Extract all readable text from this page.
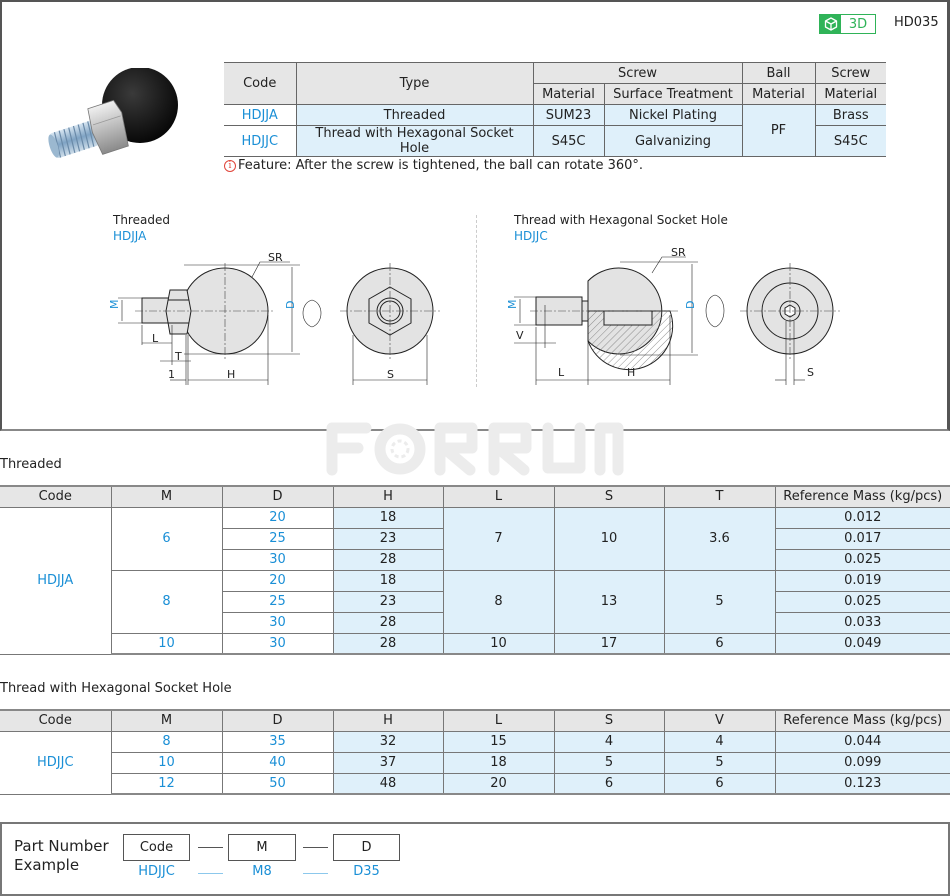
3D	HD035
Code	Type	Screw		Ball	Screw
		Material	Surface Treatment	Material	Material
HDJJA	Threaded	SUM23	Nickel Plating	PF	Brass
HDJJC	Thread with Hexagonal Socket Hole	S45C	Galvanizing		S45C
i Feature: After the screw is tightened, the ball can rotate 360°.
Threaded
HDJJA
Thread with Hexagonal Socket Hole
HDJJC
SR
D
M
L
T
1	H	S
SR
D
M
V
L	H	S
Threaded
Code	M	D	H	L	S	T	Reference Mass (kg/pcs)
HDJJA	6	20	18	7	10	3.6	0.012
		25	23				0.017
		30	28				0.025
	8	20	18	8	13	5	0.019
		25	23				0.025
		30	28				0.033
	10	30	28	10	17	6	0.049
Thread with Hexagonal Socket Hole
Code	M	D	H	L	S	V	Reference Mass (kg/pcs)
HDJJC	8	35	32	15	4	4	0.044
	10	40	37	18	5	5	0.099
	12	50	48	20	6	6	0.123
Part Number
Example
Code	M	D
HDJJC	M8	D35
